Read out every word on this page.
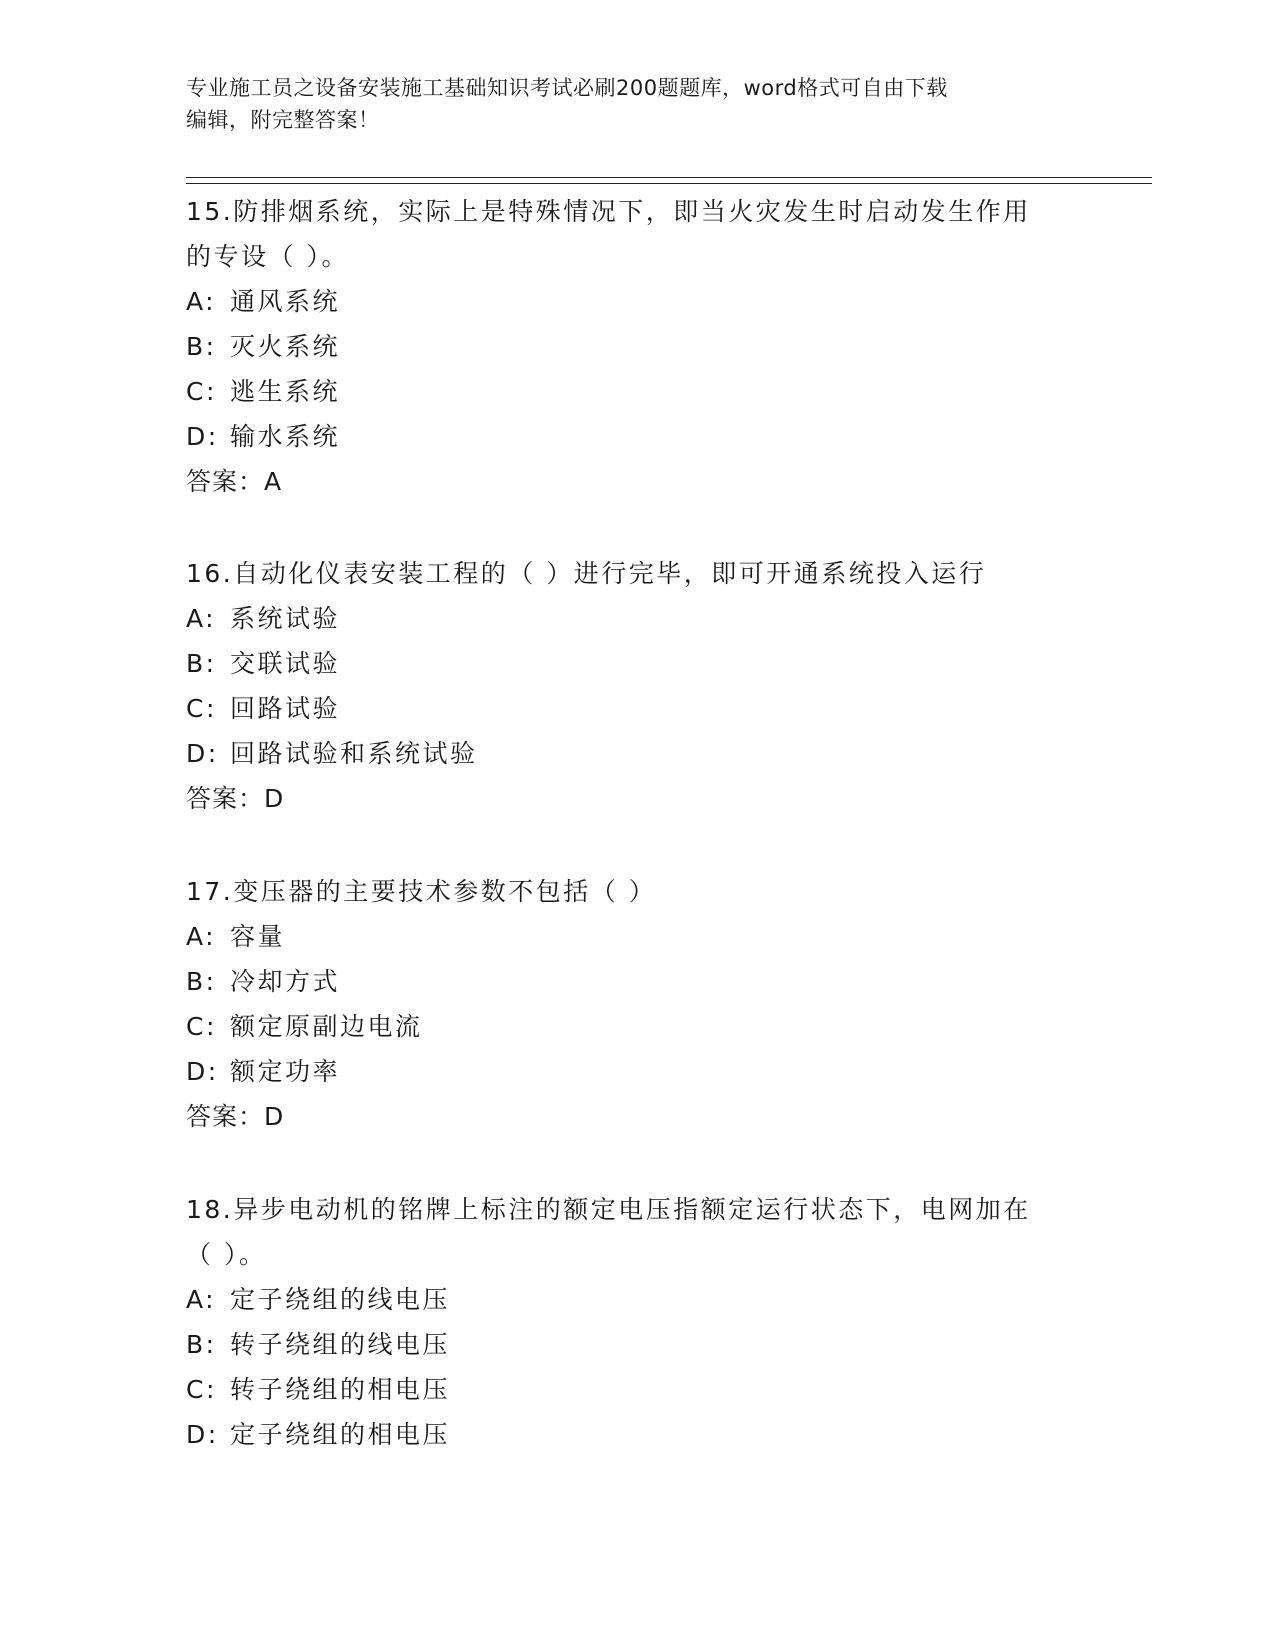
专业施工员之设备安装施工基础知识考试必刷200题题库，word格式可自由下载
编辑，附完整答案！
15.防排烟系统，实际上是特殊情况下，即当火灾发生时启动发生作用
的专设（ ）。
A: 通风系统
B: 灭火系统
C: 逃生系统
D: 输水系统
答案：A
16.自动化仪表安装工程的（ ）进行完毕，即可开通系统投入运行
A: 系统试验
B: 交联试验
C: 回路试验
D: 回路试验和系统试验
答案：D
17.变压器的主要技术参数不包括（ ）
A: 容量
B: 冷却方式
C: 额定原副边电流
D: 额定功率
答案：D
18.异步电动机的铭牌上标注的额定电压指额定运行状态下，电网加在
（ ）。
A: 定子绕组的线电压
B: 转子绕组的线电压
C: 转子绕组的相电压
D: 定子绕组的相电压
